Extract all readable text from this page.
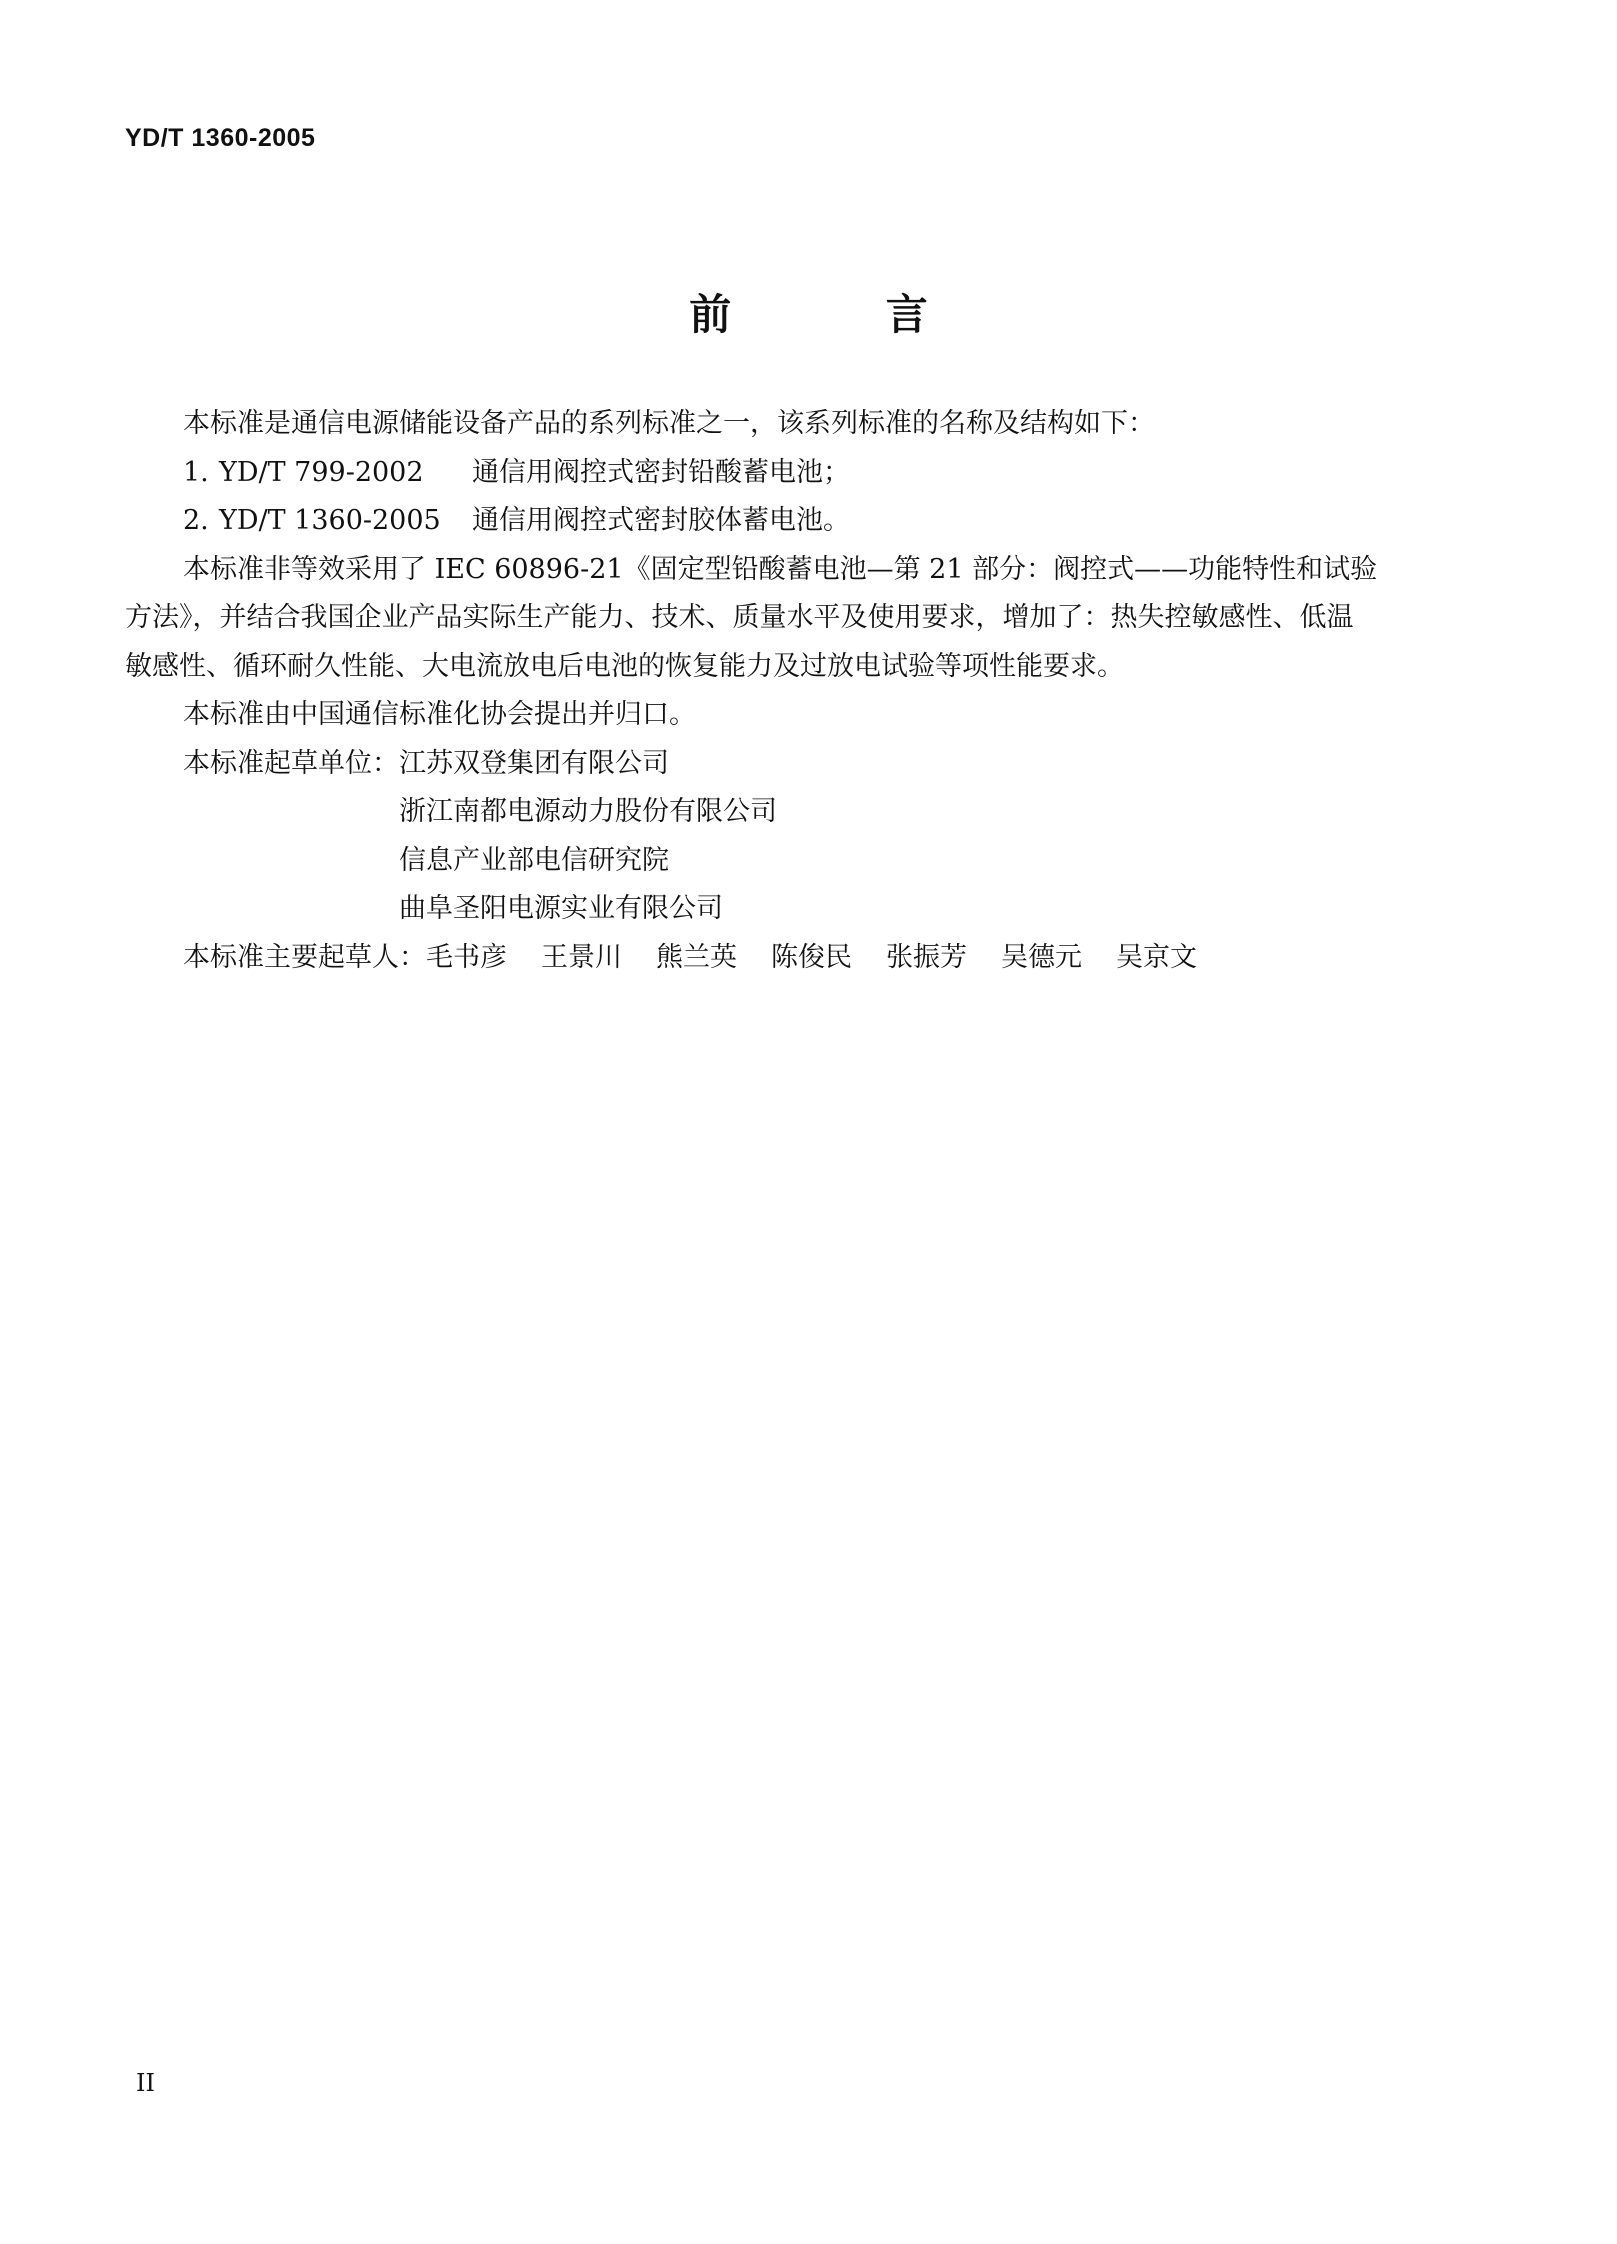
YD/T 1360-2005
前 言
本标准是通信电源储能设备产品的系列标准之一，该系列标准的名称及结构如下：
1. YD/T 799-2002	通信用阀控式密封铅酸蓄电池；
2. YD/T 1360-2005	通信用阀控式密封胶体蓄电池。
本标准非等效采用了 IEC 60896-21《固定型铅酸蓄电池—第 21 部分：阀控式——功能特性和试验
方法》，并结合我国企业产品实际生产能力、技术、质量水平及使用要求，增加了：热失控敏感性、低温
敏感性、循环耐久性能、大电流放电后电池的恢复能力及过放电试验等项性能要求。
本标准由中国通信标准化协会提出并归口。
本标准起草单位： 江苏双登集团有限公司
浙江南都电源动力股份有限公司
信息产业部电信研究院
曲阜圣阳电源实业有限公司
本标准主要起草人： 毛书彦 王景川 熊兰英 陈俊民 张振芳 吴德元 吴京文
II
